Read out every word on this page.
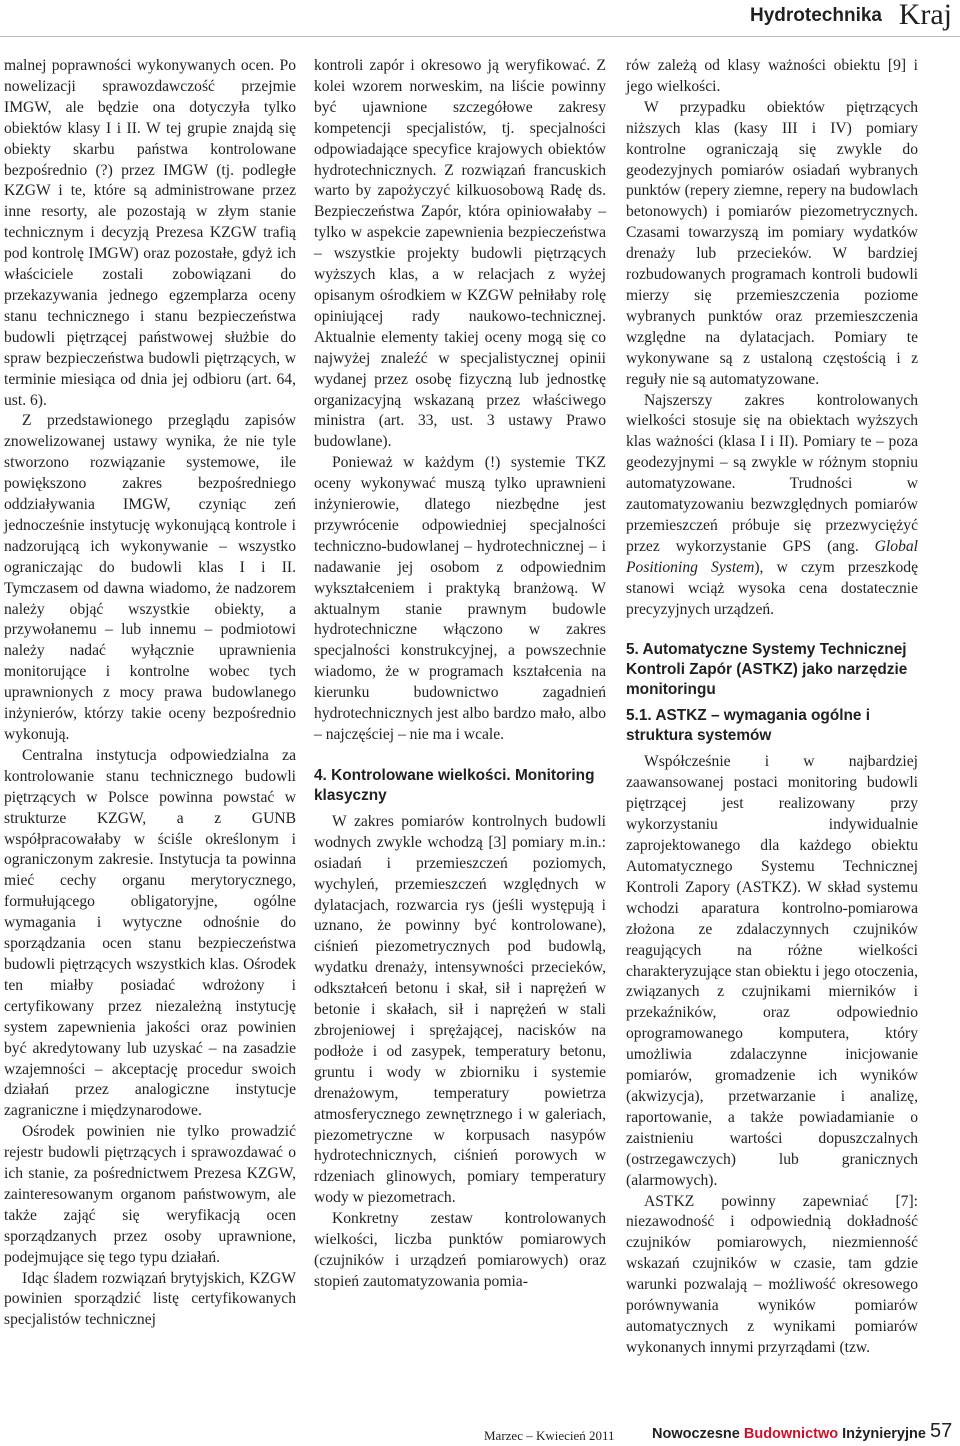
Hydrotechnika Kraj

malnej poprawności wykonywanych ocen. Po nowelizacji sprawozdawczość przejmie IMGW, ale będzie ona dotyczyła tylko obiektów klasy I i II. W tej grupie znajdą się obiekty skarbu państwa kontrolowane bezpośrednio (?) przez IMGW (tj. podległe KZGW i te, które są administrowane przez inne resorty, ale pozostają w złym stanie technicznym i decyzją Prezesa KZGW trafią pod kontrolę IMGW) oraz pozostałe, gdyż ich właściciele zostali zobowiązani do przekazywania jednego egzemplarza oceny stanu technicznego i stanu bezpieczeństwa budowli piętrzącej państwowej służbie do spraw bezpieczeństwa budowli piętrzących, w terminie miesiąca od dnia jej odbioru (art. 64, ust. 6).

Z przedstawionego przeglądu zapisów znowelizowanej ustawy wynika, że nie tyle stworzono rozwiązanie systemowe, ile powiększono zakres bezpośredniego oddziaływania IMGW, czyniąc zeń jednocześnie instytucję wykonującą kontrole i nadzorującą ich wykonywanie – wszystko ograniczając do budowli klas I i II. Tymczasem od dawna wiadomo, że nadzorem należy objąć wszystkie obiekty, a przywołanemu – lub innemu – podmiotowi należy nadać wyłącznie uprawnienia monitorujące i kontrolne wobec tych uprawnionych z mocy prawa budowlanego inżynierów, którzy takie oceny bezpośrednio wykonują.

Centralna instytucja odpowiedzialna za kontrolowanie stanu technicznego budowli piętrzących w Polsce powinna powstać w strukturze KZGW, a z GUNB współpracowałaby w ściśle określonym i ograniczonym zakresie. Instytucja ta powinna mieć cechy organu merytorycznego, formułującego obligatoryjne, ogólne wymagania i wytyczne odnośnie do sporządzania ocen stanu bezpieczeństwa budowli piętrzących wszystkich klas. Ośrodek ten miałby posiadać wdrożony i certyfikowany przez niezależną instytucję system zapewnienia jakości oraz powinien być akredytowany lub uzyskać – na zasadzie wzajemności – akceptację procedur swoich działań przez analogiczne instytucje zagraniczne i międzynarodowe.

Ośrodek powinien nie tylko prowadzić rejestr budowli piętrzących i sprawozdawać o ich stanie, za pośrednictwem Prezesa KZGW, zainteresowanym organom państwowym, ale także zająć się weryfikacją ocen sporządzanych przez osoby uprawnione, podejmujące się tego typu działań.

Idąc śladem rozwiązań brytyjskich, KZGW powinien sporządzić listę certyfikowanych specjalistów technicznej

kontroli zapór i okresowo ją weryfikować. Z kolei wzorem norweskim, na liście powinny być ujawnione szczegółowe zakresy kompetencji specjalistów, tj. specjalności odpowiadające specyfice krajowych obiektów hydrotechnicznych. Z rozwiązań francuskich warto by zapożyczyć kilkuosobową Radę ds. Bezpieczeństwa Zapór, która opiniowałaby – tylko w aspekcie zapewnienia bezpieczeństwa – wszystkie projekty budowli piętrzących wyższych klas, a w relacjach z wyżej opisanym ośrodkiem w KZGW pełniłaby rolę opiniującej rady naukowo-technicznej. Aktualnie elementy takiej oceny mogą się co najwyżej znaleźć w specjalistycznej opinii wydanej przez osobę fizyczną lub jednostkę organizacyjną wskazaną przez właściwego ministra (art. 33, ust. 3 ustawy Prawo budowlane).

Ponieważ w każdym (!) systemie TKZ oceny wykonywać muszą tylko uprawnieni inżynierowie, dlatego niezbędne jest przywrócenie odpowiedniej specjalności techniczno-budowlanej – hydrotechnicznej – i nadawanie jej osobom z odpowiednim wykształceniem i praktyką branżową. W aktualnym stanie prawnym budowle hydrotechniczne włączono w zakres specjalności konstrukcyjnej, a powszechnie wiadomo, że w programach kształcenia na kierunku budownictwo zagadnień hydrotechnicznych jest albo bardzo mało, albo – najczęściej – nie ma i wcale.

4. Kontrolowane wielkości. Monitoring klasyczny

W zakres pomiarów kontrolnych budowli wodnych zwykle wchodzą [3] pomiary m.in.: osiadań i przemieszczeń poziomych, wychyleń, przemieszczeń względnych w dylatacjach, rozwarcia rys (jeśli występują i uznano, że powinny być kontrolowane), ciśnień piezometrycznych pod budowlą, wydatku drenaży, intensywności przecieków, odkształceń betonu i skał, sił i naprężeń w betonie i skałach, sił i naprężeń w stali zbrojeniowej i sprężającej, nacisków na podłoże i od zasypek, temperatury betonu, gruntu i wody w zbiorniku i systemie drenażowym, temperatury powietrza atmosferycznego zewnętrznego i w galeriach, piezometryczne w korpusach nasypów hydrotechnicznych, ciśnień porowych w rdzeniach glinowych, pomiary temperatury wody w piezometrach.

Konkretny zestaw kontrolowanych wielkości, liczba punktów pomiarowych (czujników i urządzeń pomiarowych) oraz stopień zautomatyzowania pomia-

rów zależą od klasy ważności obiektu [9] i jego wielkości.

W przypadku obiektów piętrzących niższych klas (kasy III i IV) pomiary kontrolne ograniczają się zwykle do geodezyjnych pomiarów osiadań wybranych punktów (repery ziemne, repery na budowlach betonowych) i pomiarów piezometrycznych. Czasami towarzyszą im pomiary wydatków drenaży lub przecieków. W bardziej rozbudowanych programach kontroli budowli mierzy się przemieszczenia poziome wybranych punktów oraz przemieszczenia względne na dylatacjach. Pomiary te wykonywane są z ustaloną częstością i z reguły nie są automatyzowane.

Najszerszy zakres kontrolowanych wielkości stosuje się na obiektach wyższych klas ważności (klasa I i II). Pomiary te – poza geodezyjnymi – są zwykle w różnym stopniu automatyzowane. Trudności w zautomatyzowaniu bezwzględnych pomiarów przemieszczeń próbuje się przezwyciężyć przez wykorzystanie GPS (ang. Global Positioning System), w czym przeszkodę stanowi wciąż wysoka cena dostatecznie precyzyjnych urządzeń.

5. Automatyczne Systemy Technicznej Kontroli Zapór (ASTKZ) jako narzędzie monitoringu
5.1. ASTKZ – wymagania ogólne i struktura systemów

Współcześnie i w najbardziej zaawansowanej postaci monitoring budowli piętrzącej jest realizowany przy wykorzystaniu indywidualnie zaprojektowanego dla każdego obiektu Automatycznego Systemu Technicznej Kontroli Zapory (ASTKZ). W skład systemu wchodzi aparatura kontrolno-pomiarowa złożona ze zdalaczynnych czujników reagujących na różne wielkości charakteryzujące stan obiektu i jego otoczenia, związanych z czujnikami mierników i przekaźników, oraz odpowiednio oprogramowanego komputera, który umożliwia zdalaczynne inicjowanie pomiarów, gromadzenie ich wyników (akwizycja), przetwarzanie i analizę, raportowanie, a także powiadamianie o zaistnieniu wartości dopuszczalnych (ostrzegawczych) lub granicznych (alarmowych).

ASTKZ powinny zapewniać [7]: niezawodność i odpowiednią dokładność czujników pomiarowych, niezmienność wskazań czujników w czasie, tam gdzie warunki pozwalają – możliwość okresowego porównywania wyników pomiarów automatycznych z wynikami pomiarów wykonanych innymi przyrządami (tzw.

Marzec – Kwiecień 2011	Nowoczesne Budownictwo Inżynieryjne 57
